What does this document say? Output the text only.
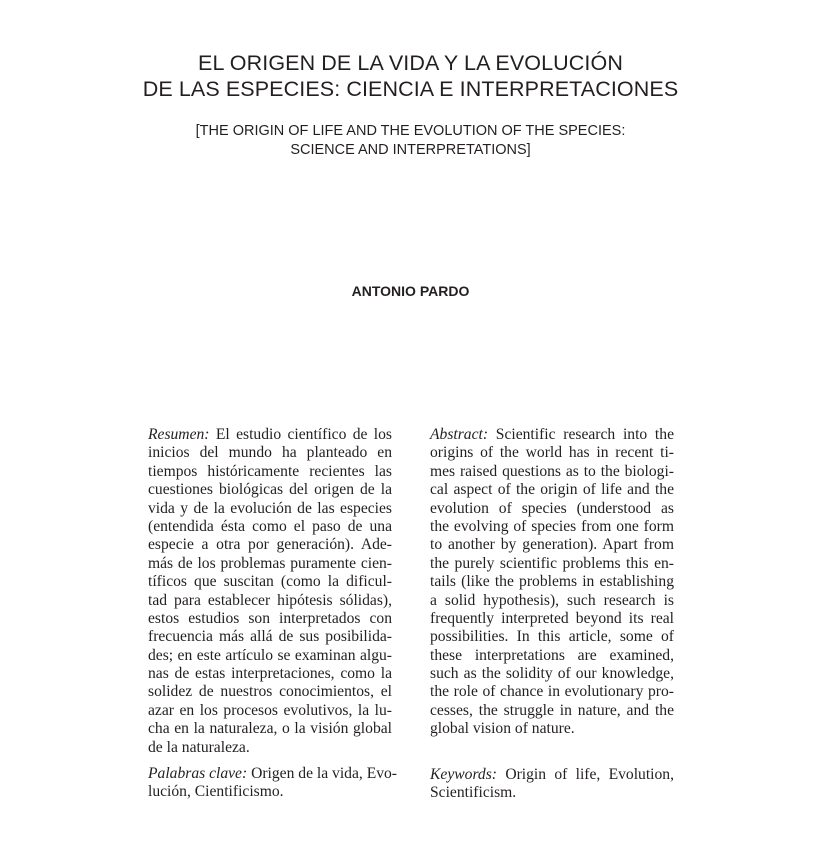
EL ORIGEN DE LA VIDA Y LA EVOLUCIÓN
DE LAS ESPECIES: CIENCIA E INTERPRETACIONES
[THE ORIGIN OF LIFE AND THE EVOLUTION OF THE SPECIES:
SCIENCE AND INTERPRETATIONS]
ANTONIO PARDO
Resumen: El estudio científico de los
inicios del mundo ha planteado en
tiempos históricamente recientes las
cuestiones biológicas del origen de la
vida y de la evolución de las especies
(entendida ésta como el paso de una
especie a otra por generación). Ade-
más de los problemas puramente cien-
tíficos que suscitan (como la dificul-
tad para establecer hipótesis sólidas),
estos estudios son interpretados con
frecuencia más allá de sus posibilida-
des; en este artículo se examinan algu-
nas de estas interpretaciones, como la
solidez de nuestros conocimientos, el
azar en los procesos evolutivos, la lu-
cha en la naturaleza, o la visión global
de la naturaleza.
Palabras clave: Origen de la vida, Evo-
lución, Cientificismo.
Abstract: Scientific research into the
origins of the world has in recent ti-
mes raised questions as to the biologi-
cal aspect of the origin of life and the
evolution of species (understood as
the evolving of species from one form
to another by generation). Apart from
the purely scientific problems this en-
tails (like the problems in establishing
a solid hypothesis), such research is
frequently interpreted beyond its real
possibilities. In this article, some of
these interpretations are examined,
such as the solidity of our knowledge,
the role of chance in evolutionary pro-
cesses, the struggle in nature, and the
global vision of nature.
Keywords: Origin of life, Evolution,
Scientificism.
